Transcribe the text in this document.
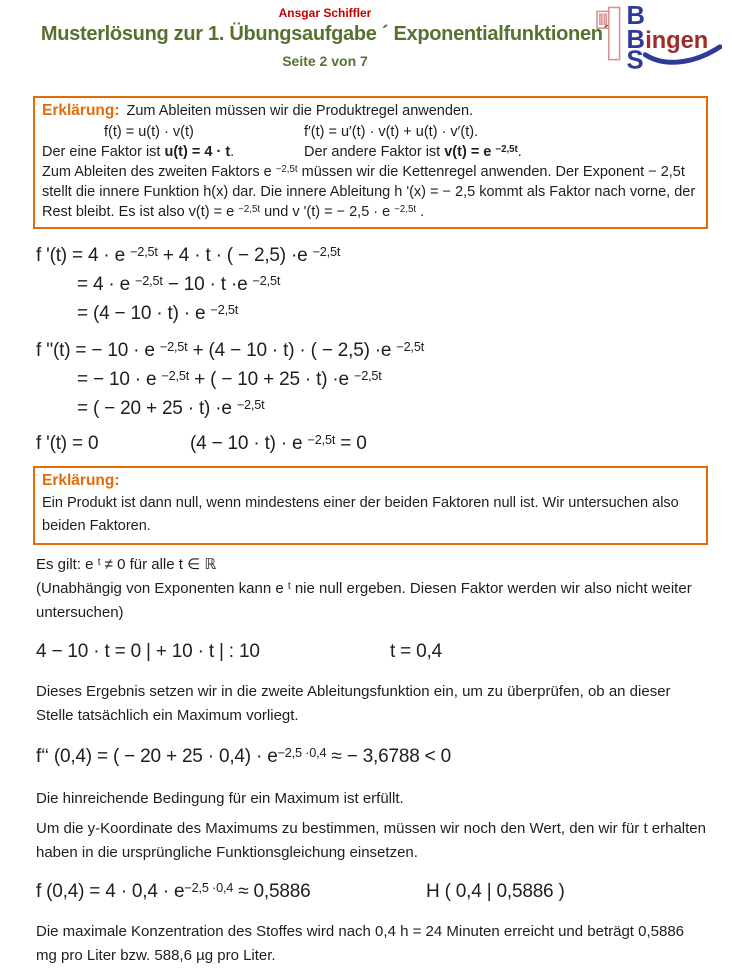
Ansgar Schiffler
Musterlösung zur 1. Übungsaufgabe ´ Exponentialfunktionen´
Seite 2 von 7
B
B ingen
S
Erklärung: Zum Ableiten müssen wir die Produktregel anwenden.
f(t) = u(t) · v(t)	f′(t) = u′(t) · v(t) + u(t) · v′(t).
Der eine Faktor ist u(t) = 4 · t.	Der andere Faktor ist v(t) = e $^{-2,5t}$.
Zum Ableiten des zweiten Faktors e $^{-2,5t}$ müssen wir die Kettenregel anwenden. Der Exponent − 2,5t stellt die innere Funktion h(x) dar. Die innere Ableitung h '(x) = − 2,5 kommt als Faktor nach vorne, der Rest bleibt. Es ist also v(t) = e $^{-2,5t}$ und v '(t) = − 2,5 · e $^{-2,5t}$ .
f '(t) = 4 · e $^{-2,5t}$ + 4 · t · ( − 2,5) ·e $^{-2,5t}$
= 4 · e $^{-2,5t}$ − 10 · t ·e $^{-2,5t}$
= (4 − 10 · t) · e $^{-2,5t}$
f ''(t) = − 10 · e $^{-2,5t}$ + (4 − 10 · t) · ( − 2,5) ·e $^{-2,5t}$
= − 10 · e $^{-2,5t}$ + ( − 10 + 25 · t) ·e $^{-2,5t}$
= ( − 20 + 25 · t) ·e $^{-2,5t}$
f '(t) = 0	(4 − 10 · t) · e $^{-2,5t}$ = 0
Erklärung:
Ein Produkt ist dann null, wenn mindestens einer der beiden Faktoren null ist. Wir untersuchen also beiden Faktoren.
Es gilt: e $^t$ ≠ 0 für alle t ∈ ℝ
(Unabhängig von Exponenten kann e $^t$ nie null ergeben. Diesen Faktor werden wir also nicht weiter untersuchen)
4 − 10 · t = 0 | + 10 · t | : 10	t = 0,4
Dieses Ergebnis setzen wir in die zweite Ableitungsfunktion ein, um zu überprüfen, ob an dieser Stelle tatsächlich ein Maximum vorliegt.
f‘‘ (0,4) = ( − $20 + 25 \cdot 0,4) \cdot e^{-2,5 \cdot 0,4}$ ≈ − 3,6788 < 0
Die hinreichende Bedingung für ein Maximum ist erfüllt.
Um die y-Koordinate des Maximums zu bestimmen, müssen wir noch den Wert, den wir für t erhalten haben in die ursprüngliche Funktionsgleichung einsetzen.
f $(0,4) = 4 \cdot 0,4 \cdot e^{-2,5 \cdot 0,4} \approx 0,5886$	H ( 0,4 | 0,5886 )
Die maximale Konzentration des Stoffes wird nach 0,4 h = 24 Minuten erreicht und beträgt 0,5886 mg pro Liter bzw. 588,6 µg pro Liter.
